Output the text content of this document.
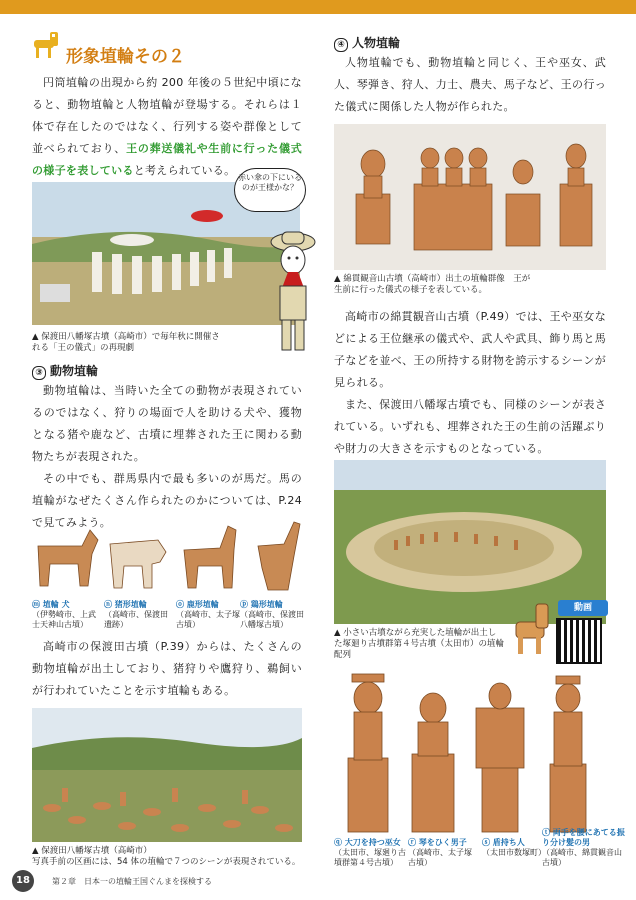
形象埴輪その２
円筒埴輪の出現から約 200 年後の５世紀中頃になると、動物埴輪と人物埴輪が登場する。それらは１体で存在したのではなく、行列する姿や群像として並べられており、王の葬送儀礼や生前に行った儀式の様子を表していると考えられている。
赤い傘の下にいるのが王様かな？
▲ 保渡田八幡塚古墳（高崎市）で毎年秋に開催される「王の儀式」の再現劇
③ 動物埴輪
動物埴輪は、当時いた全ての動物が表現されているのではなく、狩りの場面で人を助ける犬や、獲物となる猪や鹿など、古墳に埋葬された王に関わる動物たちが表現された。
その中でも、群馬県内で最も多いのが馬だ。馬の埴輪がなぜたくさん作られたのかについては、P.24 で見てみよう。
ⓜ 埴輪 犬
（伊勢崎市、上武士天神山古墳）
ⓝ 猪形埴輪
（高崎市、保渡田遺跡）
ⓞ 鹿形埴輪
（高崎市、太子塚古墳）
ⓟ 鶏形埴輪
（高崎市、保渡田八幡塚古墳）
高崎市の保渡田古墳（P.39）からは、たくさんの動物埴輪が出土しており、猪狩りや鷹狩り、鵜飼いが行われていたことを示す埴輪もある。
▲ 保渡田八幡塚古墳（高崎市）
写真手前の区画には、54 体の埴輪で７つのシーンが表現されている。
④ 人物埴輪
人物埴輪でも、動物埴輪と同じく、王や巫女、武人、琴弾き、狩人、力士、農夫、馬子など、王の行った儀式に関係した人物が作られた。
▲ 綿貫観音山古墳（高崎市）出土の埴輪群像　王が生前に行った儀式の様子を表している。
高崎市の綿貫観音山古墳（P.49）では、王や巫女などによる王位継承の儀式や、武人や武具、飾り馬と馬子などを並べ、王の所持する財物を誇示するシーンが見られる。
また、保渡田八幡塚古墳でも、同様のシーンが表されている。いずれも、埋葬された王の生前の活躍ぶりや財力の大きさを示すものとなっている。
動画
▲ 小さい古墳ながら充実した埴輪が出土した塚廻り古墳群第４号古墳（太田市）の埴輪配列
ⓠ 大刀を持つ巫女
（太田市、塚廻り古墳群第４号古墳）
ⓡ 琴をひく男子
（高崎市、太子塚古墳）
ⓢ 盾持ち人
（太田市数塚町）
ⓣ 両手を腰にあてる振り分け髪の男
（高崎市、綿貫観音山古墳）
18	第２章　日本一の埴輪王国ぐんまを探検する
